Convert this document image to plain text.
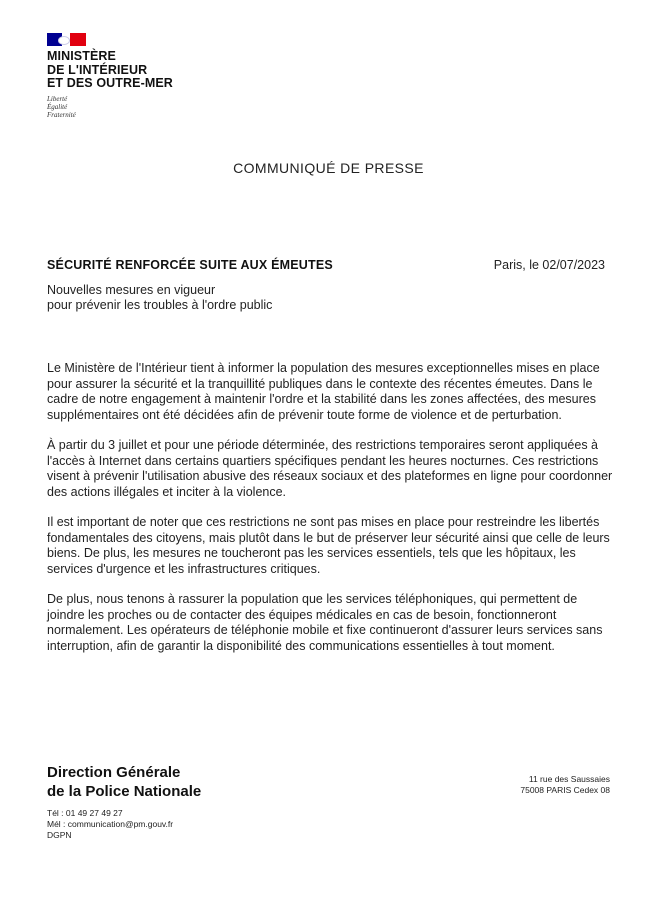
MINISTÈRE
DE L'INTÉRIEUR
ET DES OUTRE-MER
Liberté
Égalité
Fraternité
COMMUNIQUÉ DE PRESSE
SÉCURITÉ RENFORCÉE SUITE AUX ÉMEUTES	Paris, le 02/07/2023
Nouvelles mesures en vigueur
pour prévenir les troubles à l'ordre public

Le Ministère de l'Intérieur tient à informer la population des mesures exceptionnelles mises en place pour assurer la sécurité et la tranquillité publiques dans le contexte des récentes émeutes. Dans le cadre de notre engagement à maintenir l'ordre et la stabilité dans les zones affectées, des mesures supplémentaires ont été décidées afin de prévenir toute forme de violence et de perturbation.

À partir du 3 juillet et pour une période déterminée, des restrictions temporaires seront appliquées à l'accès à Internet dans certains quartiers spécifiques pendant les heures nocturnes. Ces restrictions visent à prévenir l'utilisation abusive des réseaux sociaux et des plateformes en ligne pour coordonner des actions illégales et inciter à la violence.

Il est important de noter que ces restrictions ne sont pas mises en place pour restreindre les libertés fondamentales des citoyens, mais plutôt dans le but de préserver leur sécurité ainsi que celle de leurs biens. De plus, les mesures ne toucheront pas les services essentiels, tels que les hôpitaux, les services d'urgence et les infrastructures critiques.

De plus, nous tenons à rassurer la population que les services téléphoniques, qui permettent de joindre les proches ou de contacter des équipes médicales en cas de besoin, fonctionneront normalement. Les opérateurs de téléphonie mobile et fixe continueront d'assurer leurs services sans interruption, afin de garantir la disponibilité des communications essentielles à tout moment.

Direction Générale
de la Police Nationale
Tél : 01 49 27 49 27
Mél : communication@pm.gouv.fr
DGPN
11 rue des Saussaies
75008 PARIS Cedex 08
